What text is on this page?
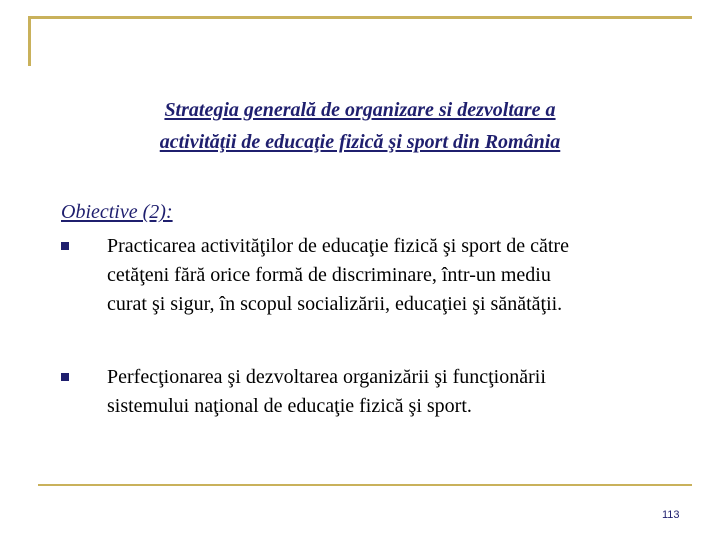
Strategia generală de organizare si dezvoltare a
activităţii de educaţie fizică şi sport din România
Obiective (2):
Practicarea activităţilor de educaţie fizică şi sport de către
cetăţeni fără orice formă de discriminare, într-un mediu
curat şi sigur, în scopul socializării, educaţiei şi sănătăţii.
Perfecţionarea şi dezvoltarea organizării şi funcţionării
sistemului naţional de educaţie fizică şi sport.
113
